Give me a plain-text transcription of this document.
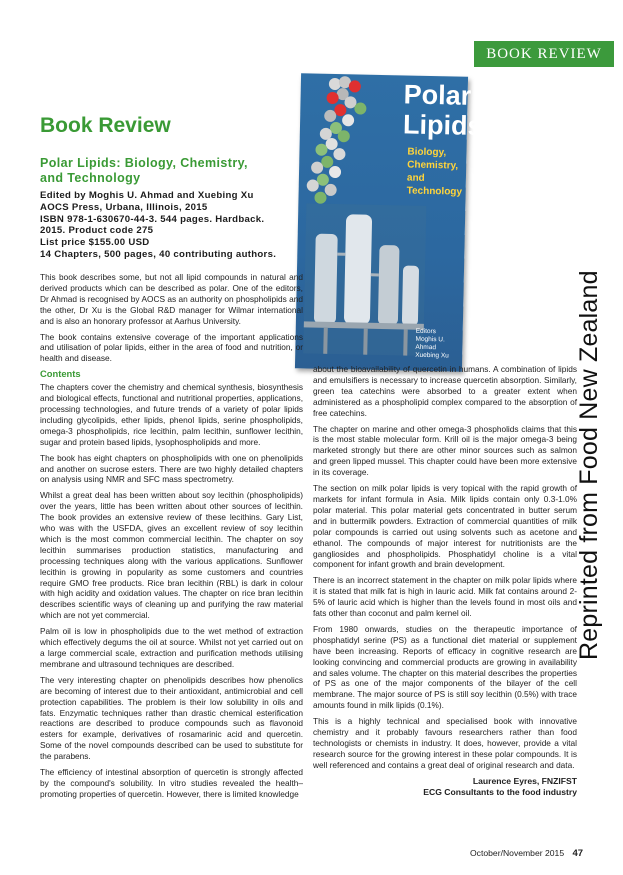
BOOK REVIEW
Reprinted from Food New Zealand
Book Review
Polar Lipids: Biology, Chemistry,
and Technology
Edited by Moghis U. Ahmad and Xuebing Xu
AOCS Press, Urbana, Illinois, 2015
ISBN 978-1-630670-44-3. 544 pages. Hardback.
2015. Product code 275
List price $155.00 USD
14 Chapters, 500 pages, 40 contributing authors.
Polar
Lipids
Biology,
Chemistry,
and Technology
Editors
Moghis U. Ahmad
Xuebing Xu

This book describes some, but not all lipid compounds in natural and derived products which can be described as polar. One of the editors, Dr Ahmad is recognised by AOCS as an authority on phospholipids and the other, Dr Xu is the Global R&D manager for Wilmar international and is also an honorary professor at Aarhus University.

The book contains extensive coverage of the important applications and utilisation of polar lipids, either in the area of food and nutrition, or health and disease.

Contents

The chapters cover the chemistry and chemical synthesis, biosynthesis and biological effects, functional and nutritional properties, applications, processing technologies, and future trends of a variety of polar lipids including glycolipids, ether lipids, phenol lipids, serine phospholipids, omega-3 phospholipids, rice lecithin, palm lecithin, sunflower lecithin, sugar and protein based lipids, lysophospholipids and more.

The book has eight chapters on phospholipids with one on phenolipids and another on sucrose esters. There are two highly detailed chapters on analysis using NMR and SFC mass spectrometry.

Whilst a great deal has been written about soy lecithin (phospholipids) over the years, little has been written about other sources of lecithin. The book provides an extensive review of these lecithins. Gary List, who was with the USFDA, gives an excellent review of soy lecithin which is the most common commercial lecithin. The chapter on soy lecithin summarises production statistics, manufacturing and processing techniques along with the various applications. Sunflower lecithin is growing in popularity as some customers and countries require GMO free products. Rice bran lecithin (RBL) is dark in colour with high acidity and oxidation values. The chapter on rice bran lecithin describes scientific ways of cleaning up and purifying the raw material which are not yet commercial.

Palm oil is low in phospholipids due to the wet method of extraction which effectively degums the oil at source. Whilst not yet carried out on a large commercial scale, extraction and purification methods utilising membrane and ultrasound techniques are described.

The very interesting chapter on phenolipids describes how phenolics are becoming of interest due to their antioxidant, antimicrobial and cell protection capabilities. The problem is their low solubility in oils and fats. Enzymatic techniques rather than drastic chemical esterification reactions are described to produce compounds such as flavonoid esters for example, derivatives of rosamarinic acid and quercetin. Some of the novel compounds described can be used to substitute for the parabens.

The efficiency of intestinal absorption of quercetin is strongly affected by the compound's solubility. In vitro studies revealed the health–promoting properties of quercetin. However, there is limited knowledge

about the bioavailability of quercetin in humans. A combination of lipids and emulsifiers is necessary to increase quercetin absorption. Similarly, green tea catechins were absorbed to a greater extent when administered as a phospholipid complex compared to the absorption of free catechins.

The chapter on marine and other omega-3 phospholids claims that this is the most stable molecular form. Krill oil is the major omega-3 being marketed strongly but there are other minor sources such as salmon and green lipped mussel. This chapter could have been more extensive in its coverage.

The section on milk polar lipids is very topical with the rapid growth of markets for infant formula in Asia. Milk lipids contain only 0.3-1.0% polar material. This polar material gets concentrated in butter serum and in buttermilk powders. Extraction of commercial quantities of milk polar compounds is carried out using solvents such as acetone and ethanol. The compounds of major interest for nutritionists are the gangliosides and phospholipids. Phosphatidyl choline is a vital component for infant growth and brain development.

There is an incorrect statement in the chapter on milk polar lipids where it is stated that milk fat is high in lauric acid. Milk fat contains around 2-5% of lauric acid which is higher than the levels found in most oils and fats other than coconut and palm kernel oil.

From 1980 onwards, studies on the therapeutic importance of phosphatidyl serine (PS) as a functional diet material or supplement have been increasing. Reports of efficacy in cognitive research are looking convincing and commercial products are growing in availability and sales volume. The chapter on this material describes the properties of PS as one of the major components of the bilayer of the cell membrane. The major source of PS is still soy lecithin (0.5%) with trace amounts found in milk lipids (0.1%).

This is a highly technical and specialised book with innovative chemistry and it probably favours researchers rather than food technologists or chemists in industry. It does, however, provide a vital research source for the growing interest in these polar compounds. It is well referenced and contains a great deal of original research and data.

Laurence Eyres, FNZIFST
ECG Consultants to the food industry
October/November 2015 47
